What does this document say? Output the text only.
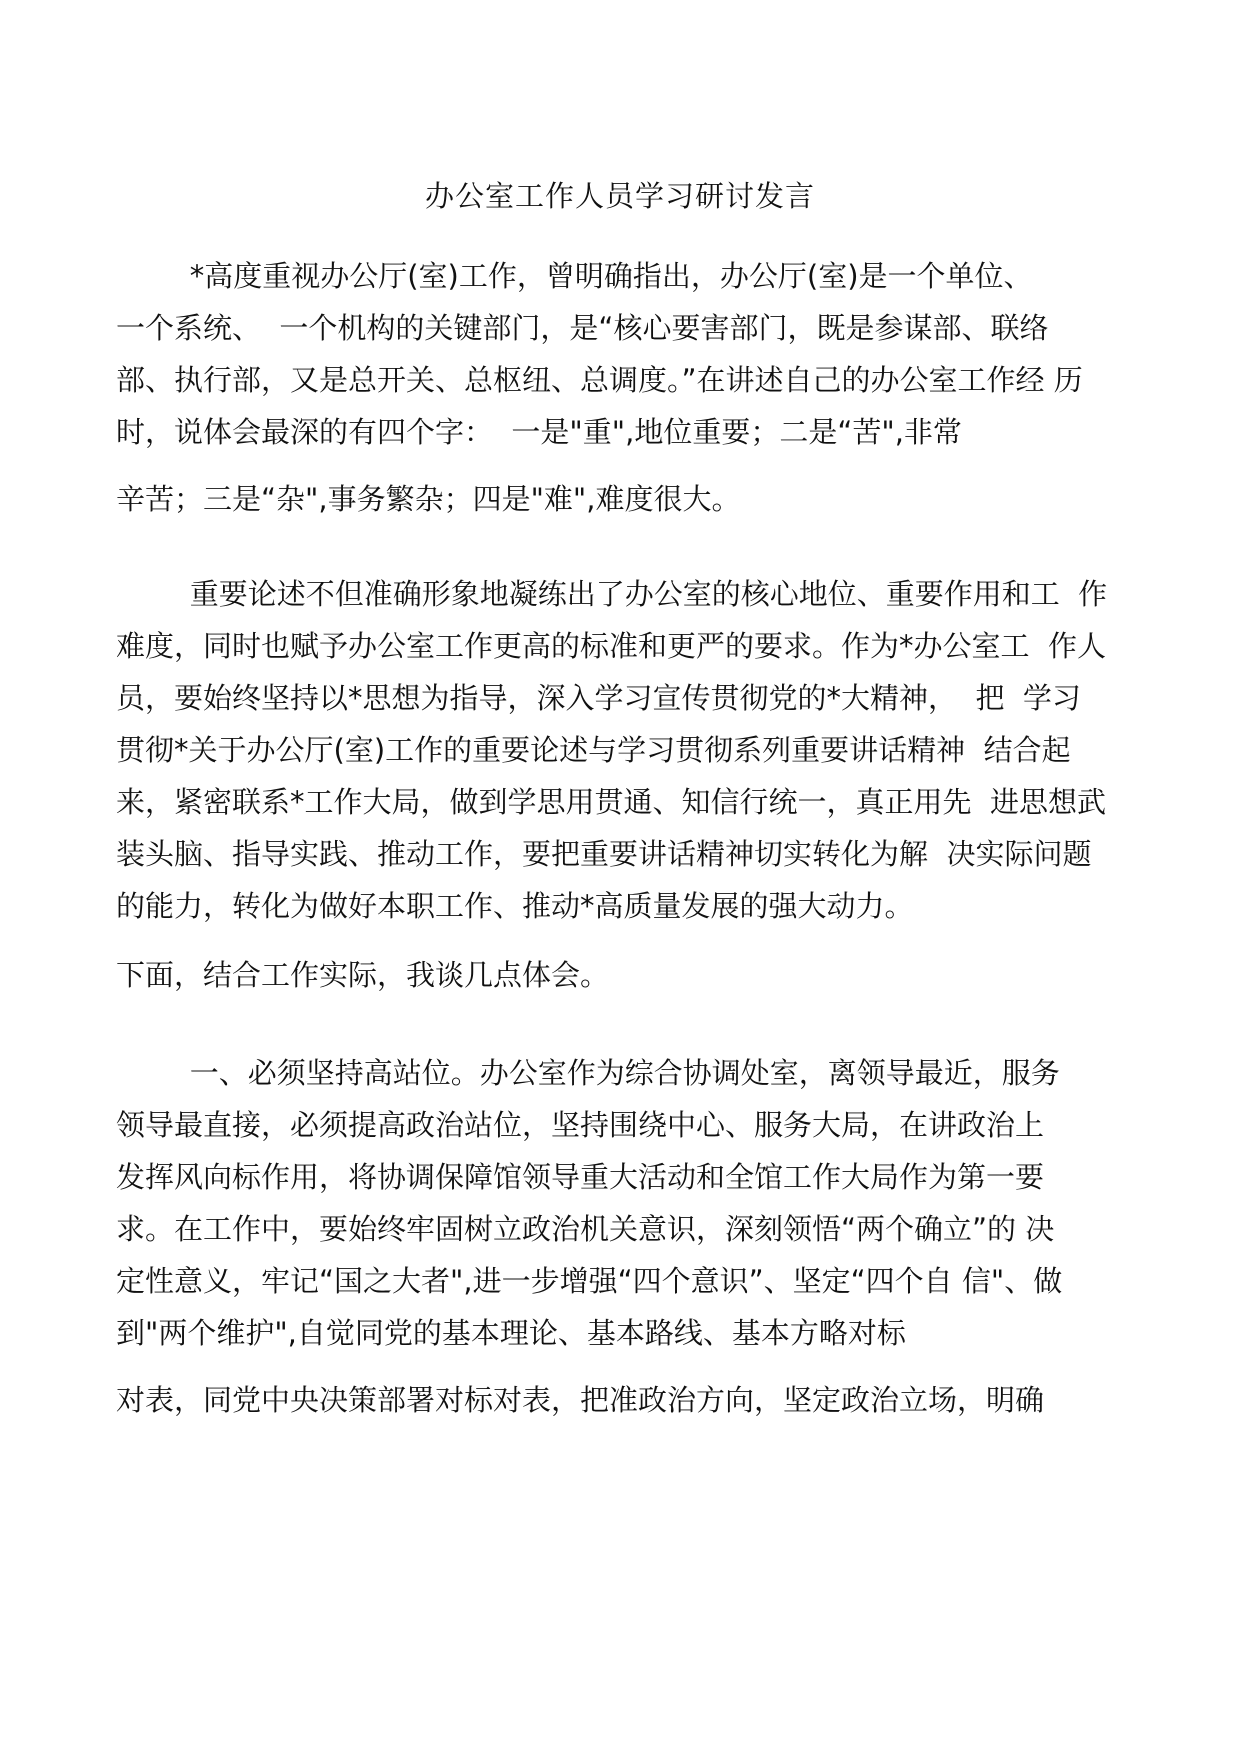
办公室工作人员学习研讨发言
*高度重视办公厅(室)工作，曾明确指出，办公厅(室)是一个单位、
一个系统、  一个机构的关键部门，是“核心要害部门，既是参谋部、联络
部、执行部，又是总开关、总枢纽、总调度。”在讲述自己的办公室工作经 历
时，说体会最深的有四个字：  一是"重",地位重要；二是“苦",非常
辛苦；三是“杂",事务繁杂；四是"难",难度很大。
重要论述不但准确形象地凝练出了办公室的核心地位、重要作用和工  作
难度，同时也赋予办公室工作更高的标准和更严的要求。作为*办公室工  作人
员，要始终坚持以*思想为指导，深入学习宣传贯彻党的*大精神，  把  学习
贯彻*关于办公厅(室)工作的重要论述与学习贯彻系列重要讲话精神  结合起
来，紧密联系*工作大局，做到学思用贯通、知信行统一，真正用先  进思想武
装头脑、指导实践、推动工作，要把重要讲话精神切实转化为解  决实际问题
的能力，转化为做好本职工作、推动*高质量发展的强大动力。
下面，结合工作实际，我谈几点体会。
一、必须坚持高站位。办公室作为综合协调处室，离领导最近，服务
领导最直接，必须提高政治站位，坚持围绕中心、服务大局，在讲政治上
发挥风向标作用，将协调保障馆领导重大活动和全馆工作大局作为第一要
求。在工作中，要始终牢固树立政治机关意识，深刻领悟“两个确立”的 决
定性意义，牢记“国之大者",进一步增强“四个意识”、坚定“四个自 信"、做
到"两个维护",自觉同党的基本理论、基本路线、基本方略对标
对表，同党中央决策部署对标对表，把准政治方向，坚定政治立场，明确
